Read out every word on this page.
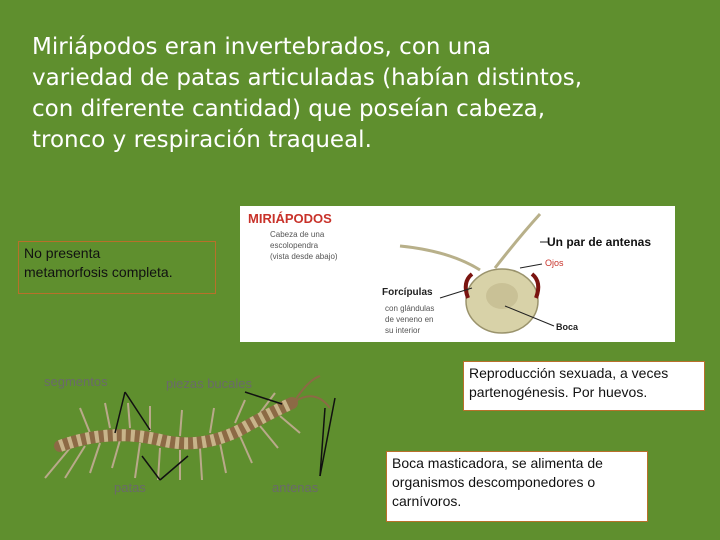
Miriápodos eran invertebrados, con una
variedad de patas articuladas (habían distintos,
con diferente cantidad) que poseían cabeza,
tronco y respiración traqueal.
No presenta
metamorfosis completa.
MIRIÁPODOS
Cabeza de una
escolopendra
(vista desde abajo)
Un par de antenas
Ojos
Forcípulas
con glándulas
de veneno en
su interior	Boca
segmentos	piezas bucales
patas	antenas
Reproducción sexuada, a veces
partenogénesis. Por huevos.
Boca masticadora, se alimenta de
organismos descomponedores o
carnívoros.
